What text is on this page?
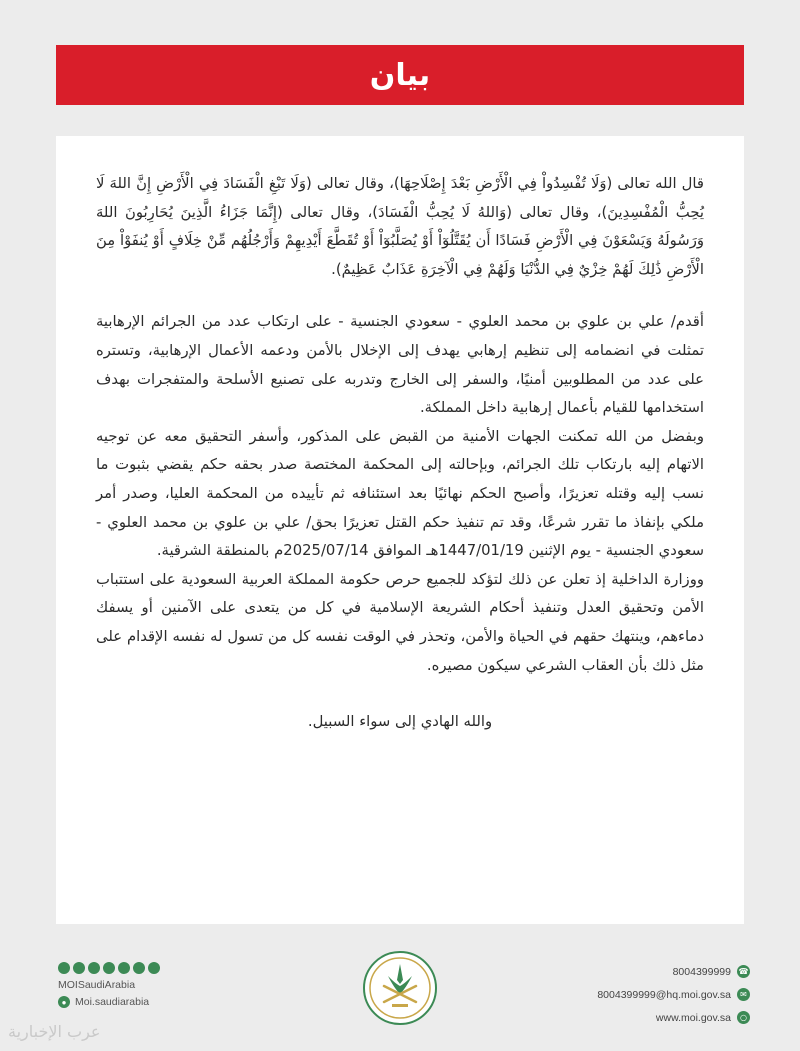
بيان

قال الله تعالى (وَلَا تُفْسِدُواْ فِي الْأَرْضِ بَعْدَ إِصْلَاحِهَا)، وقال تعالى (وَلَا تَبْغِ الْفَسَادَ فِي الْأَرْضِ إِنَّ اللهَ لَا يُحِبُّ الْمُفْسِدِينَ)، وقال تعالى (وَاللهُ لَا يُحِبُّ الْفَسَادَ)، وقال تعالى (إِنَّمَا جَزَاءُ الَّذِينَ يُحَارِبُونَ اللهَ وَرَسُولَهُ وَيَسْعَوْنَ فِي الْأَرْضِ فَسَادًا أَن يُقَتَّلُوٓاْ أَوْ يُصَلَّبُوٓاْ أَوْ تُقَطَّعَ أَيْدِيهِمْ وَأَرْجُلُهُم مِّنْ خِلَافٍ أَوْ يُنفَوْاْ مِنَ الْأَرْضِ ذَٰلِكَ لَهُمْ خِزْيٌ فِي الدُّنْيَا وَلَهُمْ فِي الْآخِرَةِ عَذَابٌ عَظِيمٌ).

أقدم/ علي بن علوي بن محمد العلوي - سعودي الجنسية - على ارتكاب عدد من الجرائم الإرهابية تمثلت في انضمامه إلى تنظيم إرهابي يهدف إلى الإخلال بالأمن ودعمه الأعمال الإرهابية، وتستره على عدد من المطلوبين أمنيًا، والسفر إلى الخارج وتدربه على تصنيع الأسلحة والمتفجرات بهدف استخدامها للقيام بأعمال إرهابية داخل المملكة.

وبفضل من الله تمكنت الجهات الأمنية من القبض على المذكور، وأسفر التحقيق معه عن توجيه الاتهام إليه بارتكاب تلك الجرائم، وبإحالته إلى المحكمة المختصة صدر بحقه حكم يقضي بثبوت ما نسب إليه وقتله تعزيرًا، وأصبح الحكم نهائيًا بعد استئنافه ثم تأييده من المحكمة العليا، وصدر أمر ملكي بإنفاذ ما تقرر شرعًا، وقد تم تنفيذ حكم القتل تعزيرًا بحق/ علي بن علوي بن محمد العلوي - سعودي الجنسية - يوم الإثنين 1447/01/19هـ الموافق 2025/07/14م بالمنطقة الشرقية.

ووزارة الداخلية إذ تعلن عن ذلك لتؤكد للجميع حرص حكومة المملكة العربية السعودية على استتباب الأمن وتحقيق العدل وتنفيذ أحكام الشريعة الإسلامية في كل من يتعدى على الآمنين أو يسفك دماءهم، وينتهك حقهم في الحياة والأمن، وتحذر في الوقت نفسه كل من تسول له نفسه الإقدام على مثل ذلك بأن العقاب الشرعي سيكون مصيره.

والله الهادي إلى سواء السبيل.

MOISaudiArabia
● Moi.saudiarabia
8004399999 ☎
8004399999@hq.moi.gov.sa	✉
www.moi.gov.sa	○
عرب الإخبارية
